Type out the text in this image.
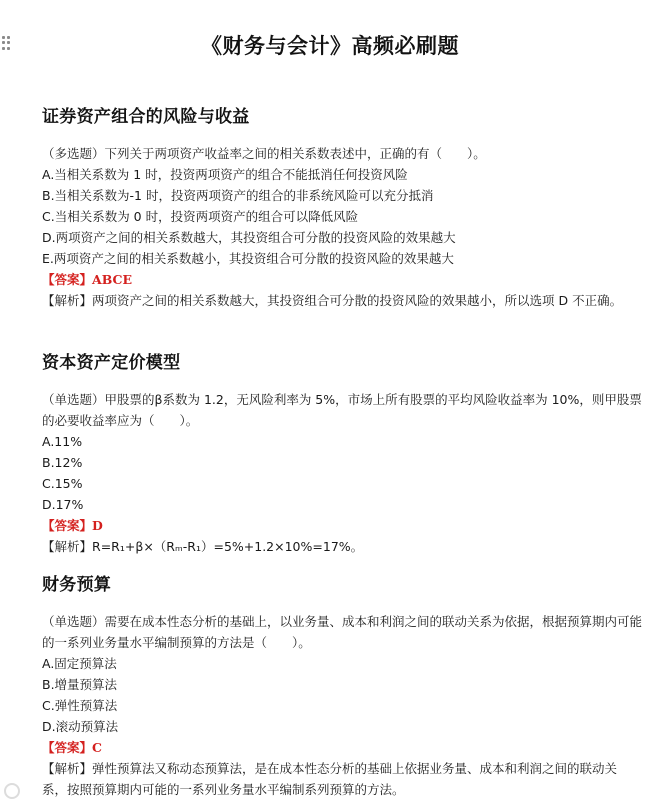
《财务与会计》高频必刷题
证券资产组合的风险与收益
（多选题）下列关于两项资产收益率之间的相关系数表述中，正确的有（　　）。
A.当相关系数为 1 时，投资两项资产的组合不能抵消任何投资风险
B.当相关系数为-1 时，投资两项资产的组合的非系统风险可以充分抵消
C.当相关系数为 0 时，投资两项资产的组合可以降低风险
D.两项资产之间的相关系数越大，其投资组合可分散的投资风险的效果越大
E.两项资产之间的相关系数越小，其投资组合可分散的投资风险的效果越大
【答案】ABCE
【解析】两项资产之间的相关系数越大，其投资组合可分散的投资风险的效果越小，所以选项 D 不正确。
资本资产定价模型
（单选题）甲股票的β系数为 1.2，无风险利率为 5%，市场上所有股票的平均风险收益率为 10%，则甲股票的必要收益率应为（　　）。
A.11%
B.12%
C.15%
D.17%
【答案】D
【解析】R=R₁+β×（Rₘ-R₁）=5%+1.2×10%=17%。
财务预算
（单选题）需要在成本性态分析的基础上，以业务量、成本和利润之间的联动关系为依据，根据预算期内可能的一系列业务量水平编制预算的方法是（　　）。
A.固定预算法
B.增量预算法
C.弹性预算法
D.滚动预算法
【答案】C
【解析】弹性预算法又称动态预算法，是在成本性态分析的基础上依据业务量、成本和利润之间的联动关系，按照预算期内可能的一系列业务量水平编制系列预算的方法。
